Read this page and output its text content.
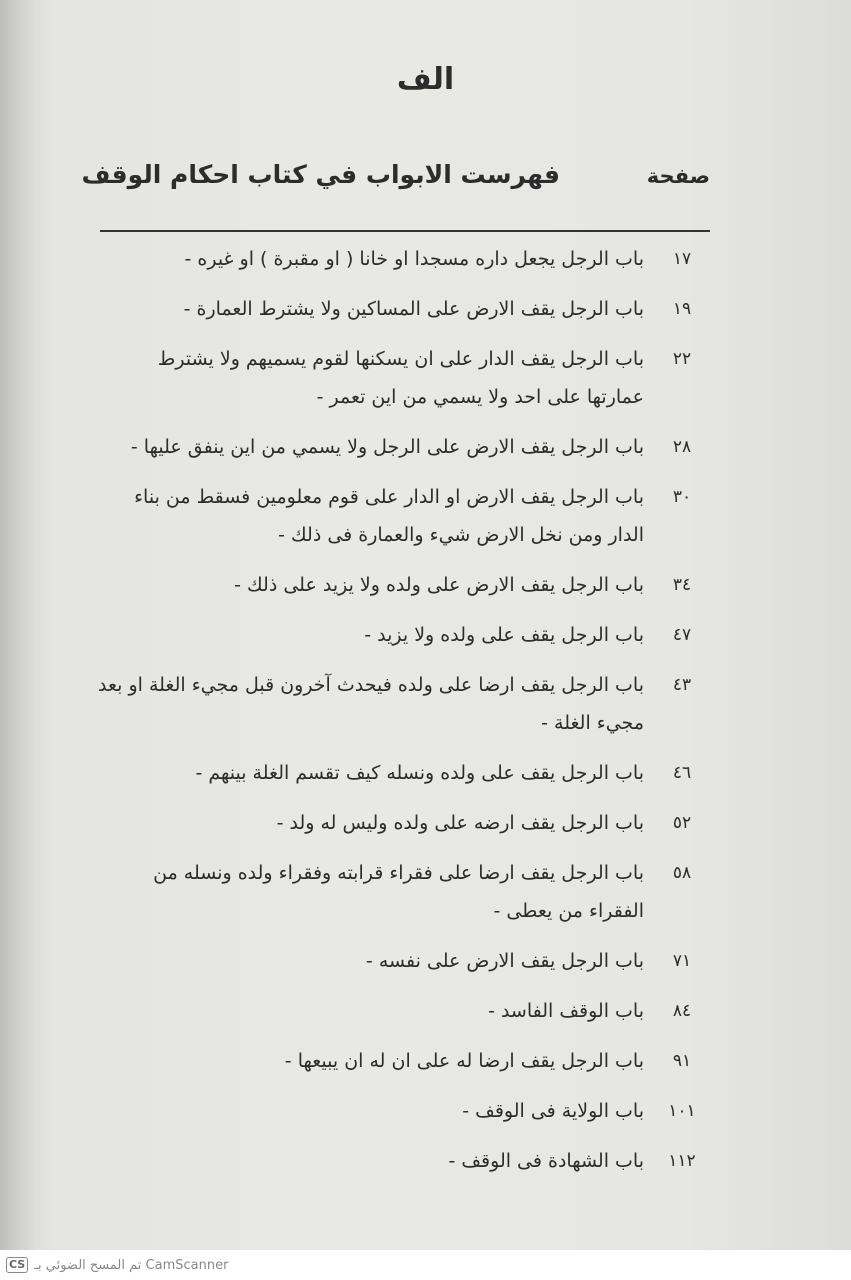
الف
صفحة
فهرست الابواب في كتاب احكام الوقف
١٧
باب الرجل يجعل داره مسجدا او خانا ( او مقبرة ) او غيره -
١٩
باب الرجل يقف الارض على المساكين ولا يشترط العمارة -
٢٢
باب الرجل يقف الدار على ان يسكنها لقوم يسميهم ولا يشترط عمارتها على احد ولا يسمي من اين تعمر -
٢٨
باب الرجل يقف الارض على الرجل ولا يسمي من اين ينفق عليها -
٣٠
باب الرجل يقف الارض او الدار على قوم معلومين فسقط من بناء الدار ومن نخل الارض شيء والعمارة فى ذلك -
٣٤
باب الرجل يقف الارض على ولده ولا يزيد على ذلك -
٤٧
باب الرجل يقف على ولده ولا يزيد -
٤٣
باب الرجل يقف ارضا على ولده فيحدث آخرون قبل مجيء الغلة او بعد مجيء الغلة -
٤٦
باب الرجل يقف على ولده ونسله كيف تقسم الغلة بينهم -
٥٢
باب الرجل يقف ارضه على ولده وليس له ولد -
٥٨
باب الرجل يقف ارضا على فقراء قرابته وفقراء ولده ونسله من الفقراء من يعطى -
٧١
باب الرجل يقف الارض على نفسه -
٨٤
باب الوقف الفاسد -
٩١
باب الرجل يقف ارضا له على ان له ان يبيعها -
١٠١
باب الولاية فى الوقف -
١١٢
باب الشهادة فى الوقف -
CS تم المسح الضوئي بـ CamScanner
